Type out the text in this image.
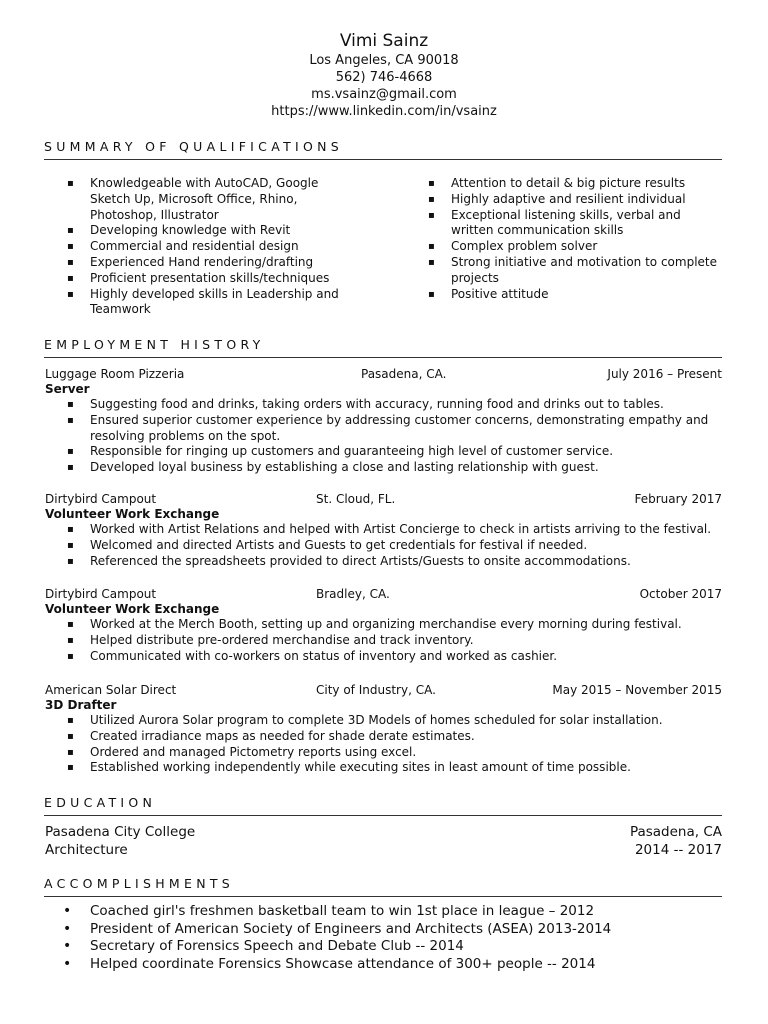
Vimi Sainz
Los Angeles, CA 90018
562) 746-4668
ms.vsainz@gmail.com
https://www.linkedin.com/in/vsainz
SUMMARY OF QUALIFICATIONS
▪ Knowledgeable with AutoCAD, Google Sketch Up, Microsoft Office, Rhino, Photoshop, Illustrator
▪ Developing knowledge with Revit
▪ Commercial and residential design
▪ Experienced Hand rendering/drafting
▪ Proficient presentation skills/techniques
▪ Highly developed skills in Leadership and Teamwork
▪ Attention to detail & big picture results
▪ Highly adaptive and resilient individual
▪ Exceptional listening skills, verbal and written communication skills
▪ Complex problem solver
▪ Strong initiative and motivation to complete projects
▪ Positive attitude
EMPLOYMENT HISTORY
Luggage Room Pizzeria	Pasadena, CA.	July 2016 – Present
Server
▪ Suggesting food and drinks, taking orders with accuracy, running food and drinks out to tables.
▪ Ensured superior customer experience by addressing customer concerns, demonstrating empathy and resolving problems on the spot.
▪ Responsible for ringing up customers and guaranteeing high level of customer service.
▪ Developed loyal business by establishing a close and lasting relationship with guest.
Dirtybird Campout	St. Cloud, FL.	February 2017
Volunteer Work Exchange
▪ Worked with Artist Relations and helped with Artist Concierge to check in artists arriving to the festival.
▪ Welcomed and directed Artists and Guests to get credentials for festival if needed.
▪ Referenced the spreadsheets provided to direct Artists/Guests to onsite accommodations.
Dirtybird Campout	Bradley, CA.	October 2017
Volunteer Work Exchange
▪ Worked at the Merch Booth, setting up and organizing merchandise every morning during festival.
▪ Helped distribute pre-ordered merchandise and track inventory.
▪ Communicated with co-workers on status of inventory and worked as cashier.
American Solar Direct	City of Industry, CA.	May 2015 – November 2015
3D Drafter
▪ Utilized Aurora Solar program to complete 3D Models of homes scheduled for solar installation.
▪ Created irradiance maps as needed for shade derate estimates.
▪ Ordered and managed Pictometry reports using excel.
▪ Established working independently while executing sites in least amount of time possible.
EDUCATION
Pasadena City College	Pasadena, CA
Architecture	2014 -- 2017
ACCOMPLISHMENTS
• Coached girl's freshmen basketball team to win 1st place in league – 2012
• President of American Society of Engineers and Architects (ASEA) 2013-2014
• Secretary of Forensics Speech and Debate Club -- 2014
• Helped coordinate Forensics Showcase attendance of 300+ people -- 2014
